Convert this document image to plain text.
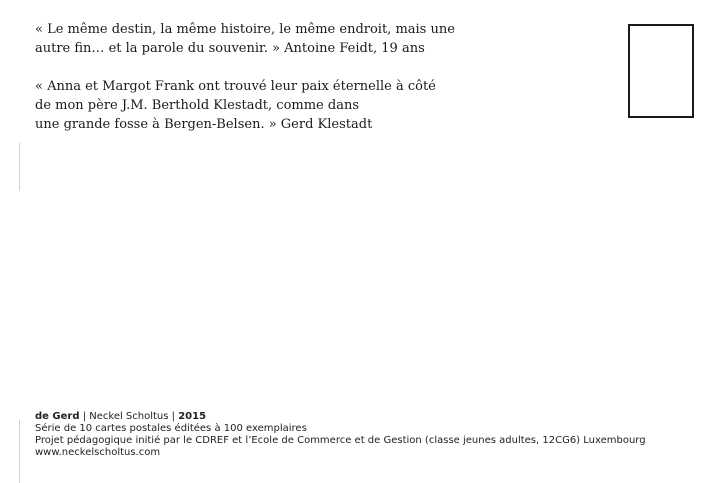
« Le même destin, la même histoire, le même endroit, mais une
autre fin… et la parole du souvenir. » Antoine Feidt, 19 ans

« Anna et Margot Frank ont trouvé leur paix éternelle à côté
de mon père J.M. Berthold Klestadt, comme dans
une grande fosse à Bergen-Belsen. » Gerd Klestadt

de Gerd | Neckel Scholtus | 2015
Série de 10 cartes postales éditées à 100 exemplaires
Projet pédagogique initié par le CDREF et l’Ecole de Commerce et de Gestion (classe jeunes adultes, 12CG6) Luxembourg
www.neckelscholtus.com
